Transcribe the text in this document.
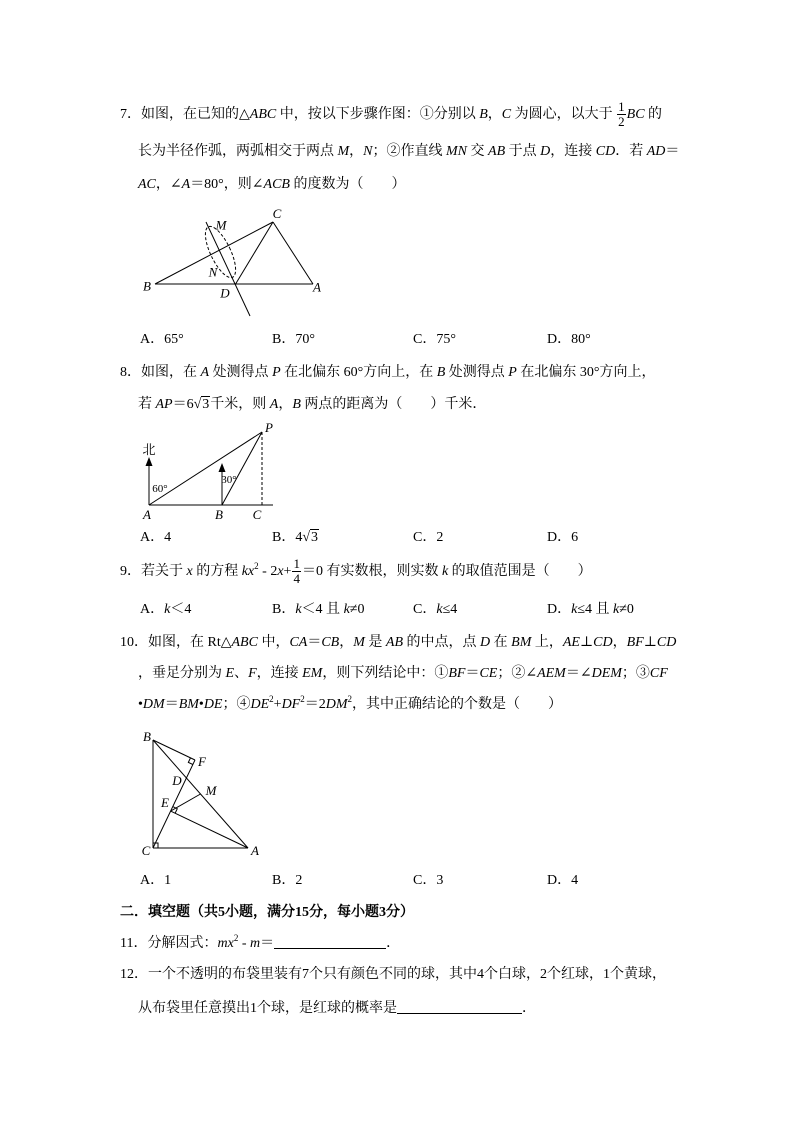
7．如图，在已知的△ABC 中，按以下步骤作图：①分别以 B，C 为圆心，以大于 $\frac{1}{2}$ BC 的
长为半径作弧，两弧相交于两点 M，N；②作直线 MN 交 AB 于点 D，连接 CD．若 AD＝
AC，∠A＝80°，则∠ACB 的度数为（　　）
M
C
N
B	D	A
A．65°	B．70°	C．75°	D．80°
8．如图，在 A 处测得点 P 在北偏东 60°方向上，在 B 处测得点 P 在北偏东 30°方向上，
若 AP＝6√3千米，则 A，B 两点的距离为（　　）千米．
北
60°
30°
P
A	B C
A．4	B．4√3	C．2	D．6
9．若关于 x 的方程 $kx^2 - 2x+ \frac{1}{4} =0$ 有实数根，则实数 k 的取值范围是（　　）
A．k＜4	B．k＜4 且 k≠0	C．k≤4	D．k≤4 且 k≠0
10．如图，在 Rt△ABC 中，CA＝CB，M 是 AB 的中点，点 D 在 BM 上，AE⊥CD，BF⊥CD
，垂足分别为 E、F，连接 EM，则下列结论中：①BF＝CE；②∠AEM＝∠DEM；③CF
•DM＝BM•DE；$④DE^2+DF^2=2DM^2$，其中正确结论的个数是（　　）
B
F
D
M
E
C	A
A．1	B．2	C．3	D．4
二．填空题（共5小题，满分15分，每小题3分）
11．分解因式：$mx^2 - m=$	．
12．一个不透明的布袋里装有7个只有颜色不同的球，其中4个白球，2个红球，1个黄球，
从布袋里任意摸出1个球，是红球的概率是	．
